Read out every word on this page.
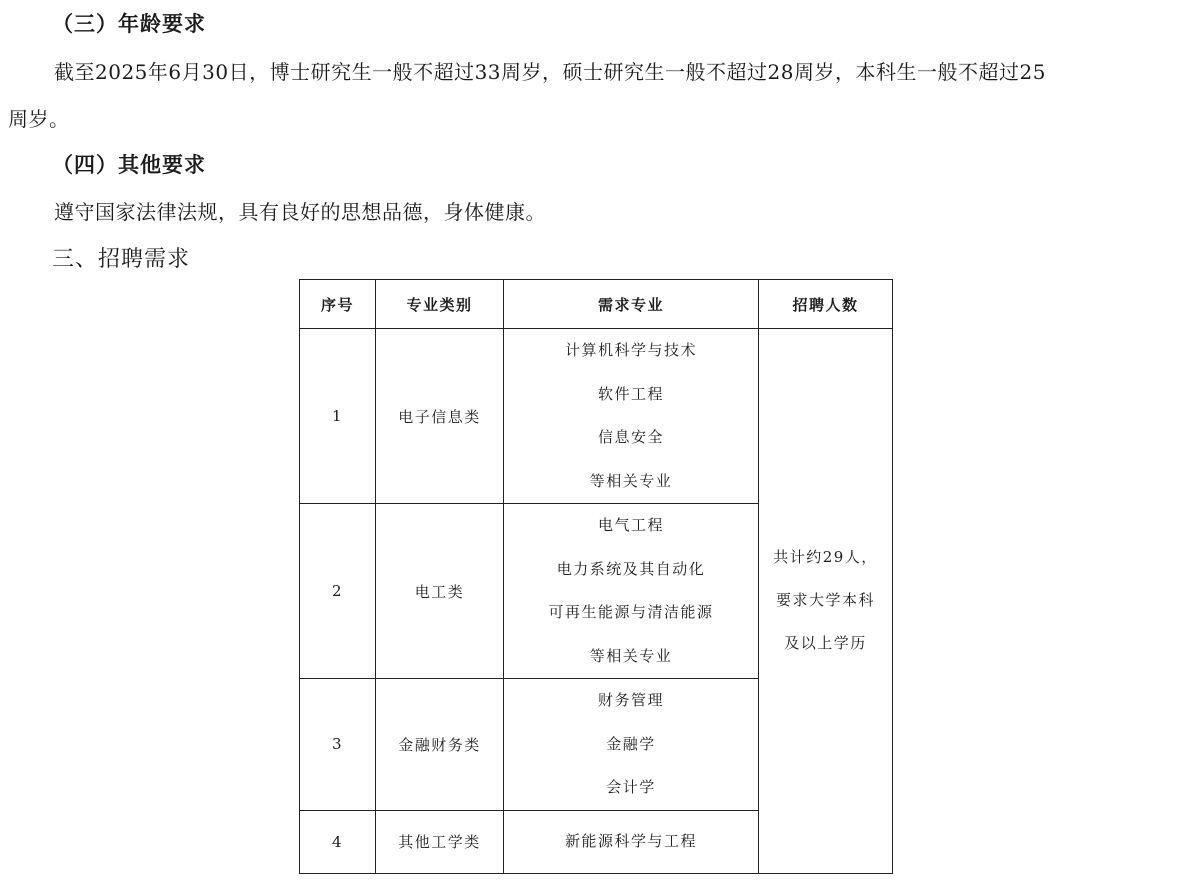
（三）年龄要求
截至2025年6月30日，博士研究生一般不超过33周岁，硕士研究生一般不超过28周岁，本科生一般不超过25
周岁。
（四）其他要求
遵守国家法律法规，具有良好的思想品德，身体健康。
三、招聘需求
序号	专业类别	需求专业	招聘人数
1	电子信息类	计算机科学与技术
软件工程
信息安全
等相关专业	共计约29人，
要求大学本科
及以上学历

2	电工类	电气工程
电力系统及其自动化
可再生能源与清洁能源
等相关专业	

3	金融财务类	财务管理
金融学
会计学	

4	其他工学类	新能源科学与工程	
